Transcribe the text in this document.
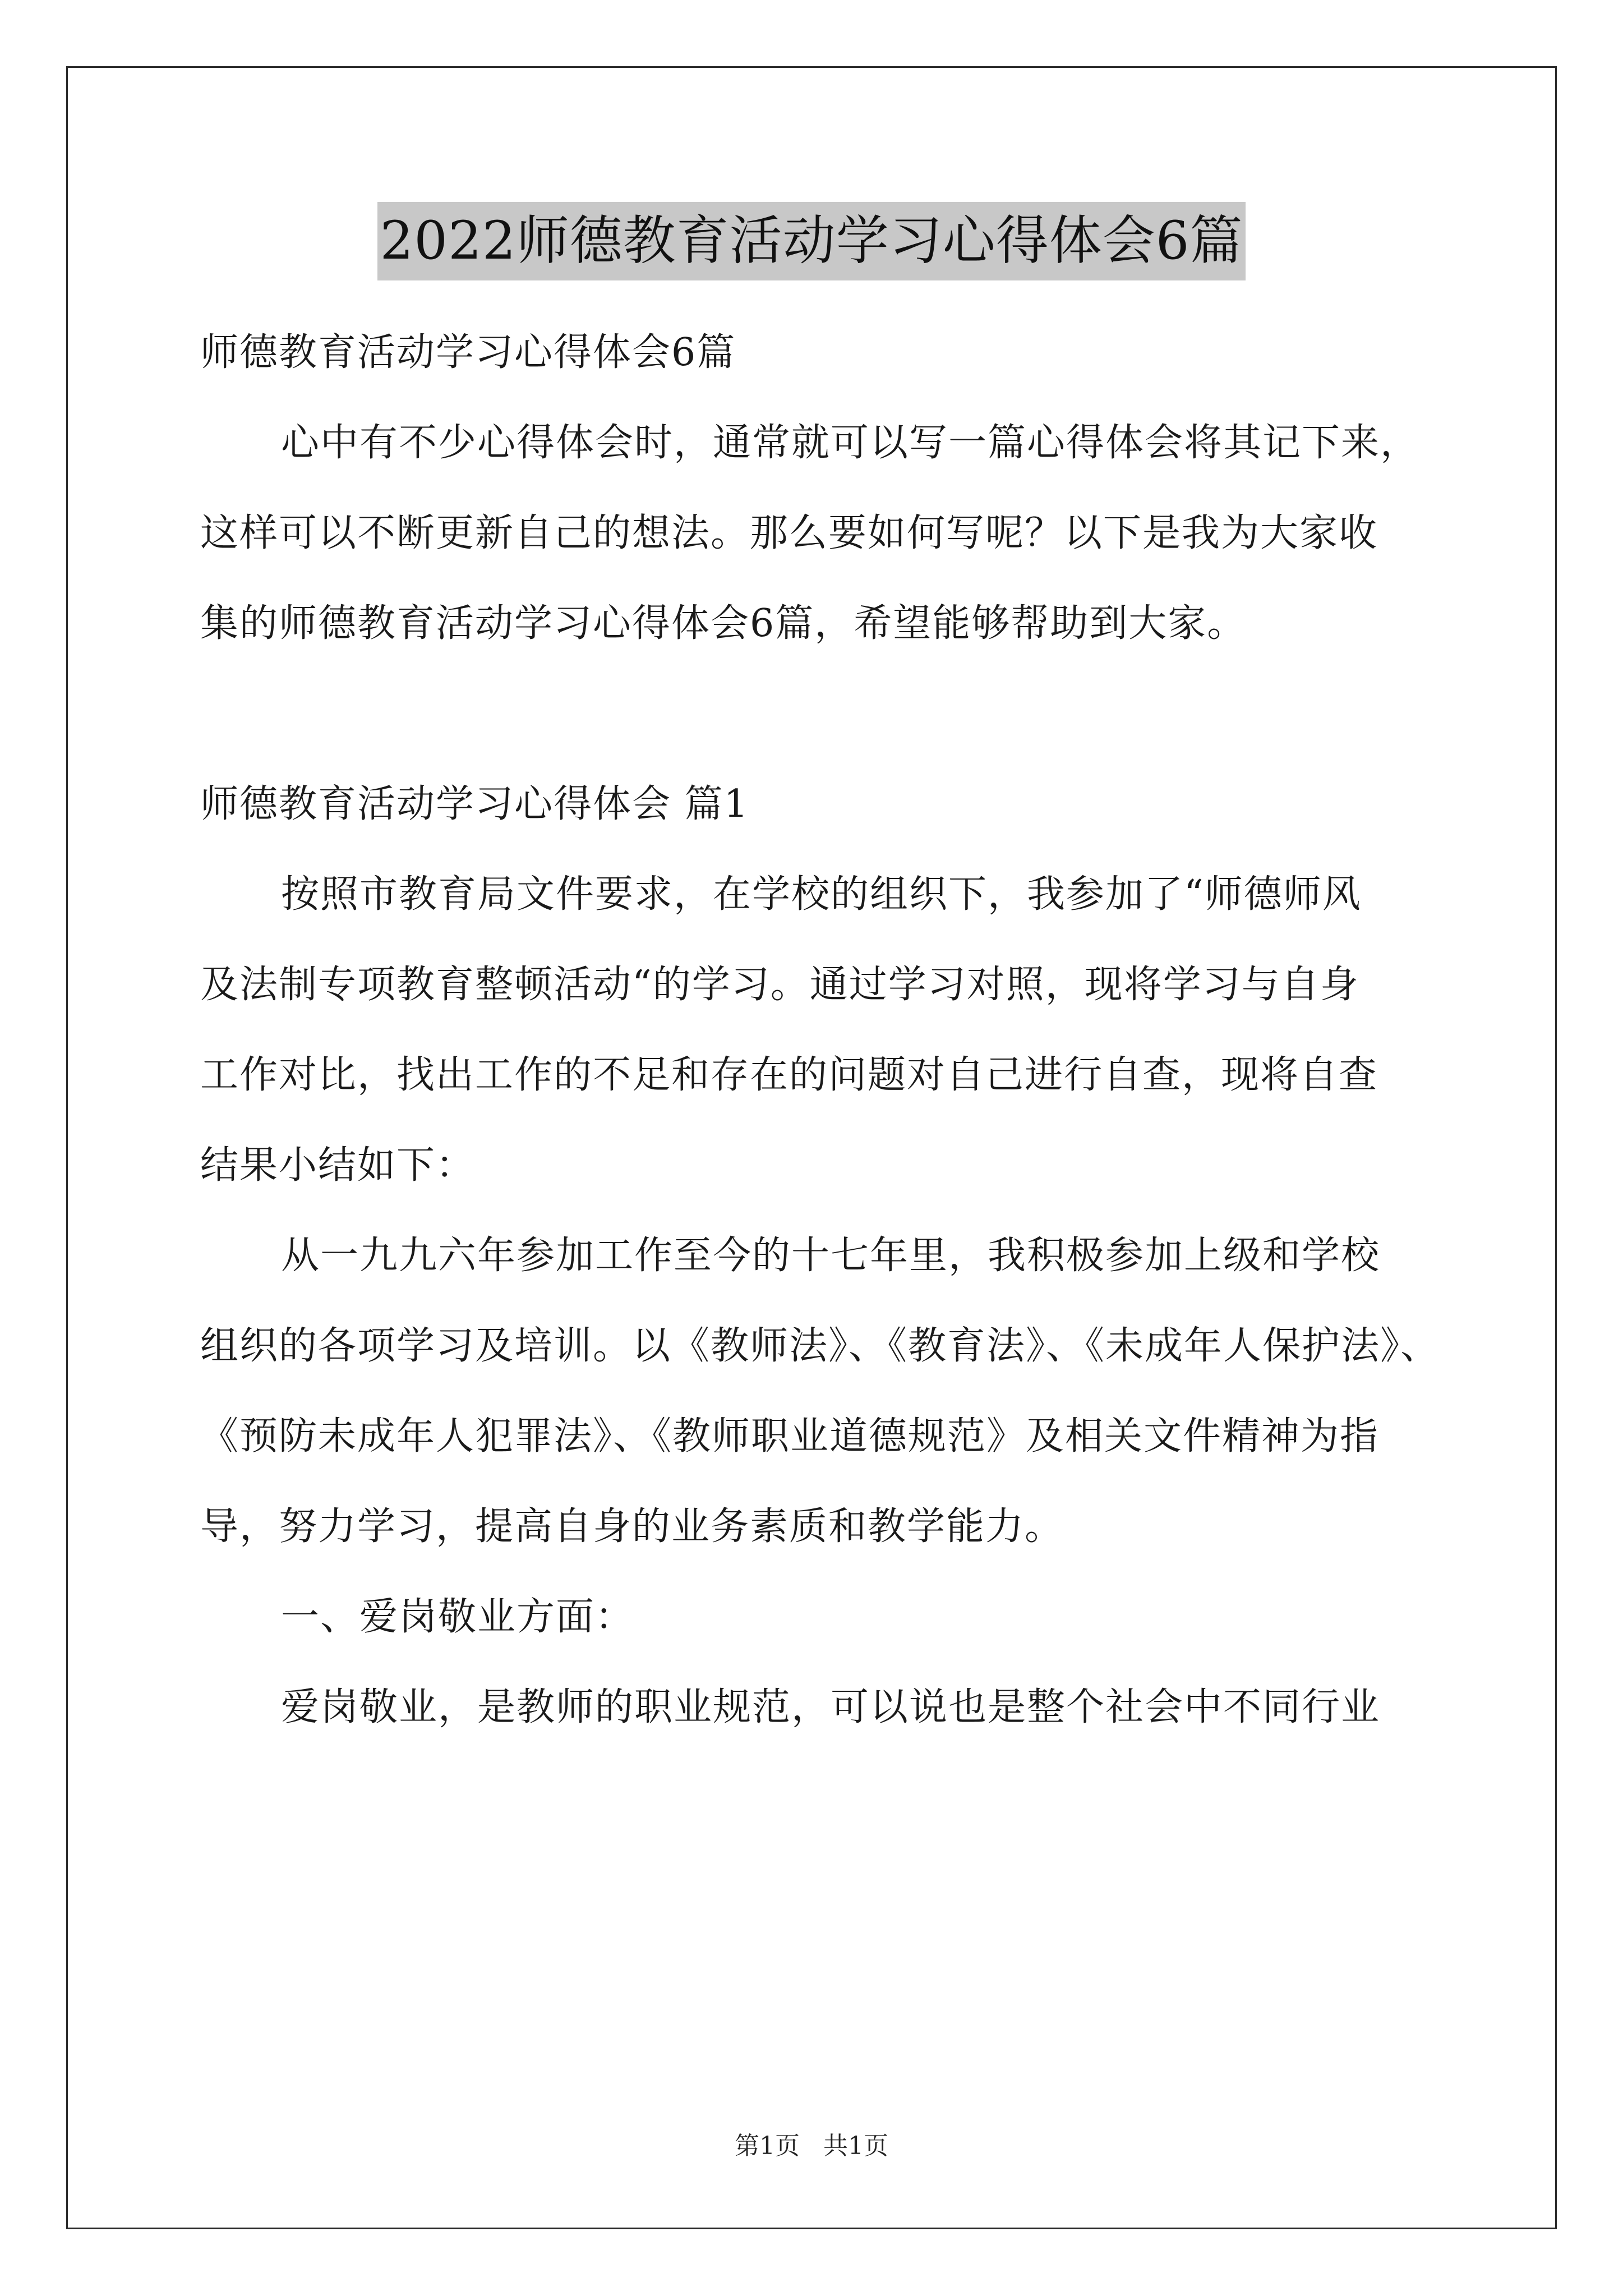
2022师德教育活动学习心得体会6篇
师德教育活动学习心得体会6篇
心中有不少心得体会时，通常就可以写一篇心得体会将其记下来，
这样可以不断更新自己的想法。那么要如何写呢？以下是我为大家收
集的师德教育活动学习心得体会6篇，希望能够帮助到大家。
师德教育活动学习心得体会 篇1
按照市教育局文件要求，在学校的组织下，我参加了“师德师风
及法制专项教育整顿活动“的学习。通过学习对照，现将学习与自身
工作对比，找出工作的不足和存在的问题对自己进行自查，现将自查
结果小结如下：
从一九九六年参加工作至今的十七年里，我积极参加上级和学校
组织的各项学习及培训。以《教师法》、《教育法》、《未成年人保护法》、
《预防未成年人犯罪法》、《教师职业道德规范》及相关文件精神为指
导，努力学习，提高自身的业务素质和教学能力。
一、爱岗敬业方面：
爱岗敬业，是教师的职业规范，可以说也是整个社会中不同行业
第1页 共1页
